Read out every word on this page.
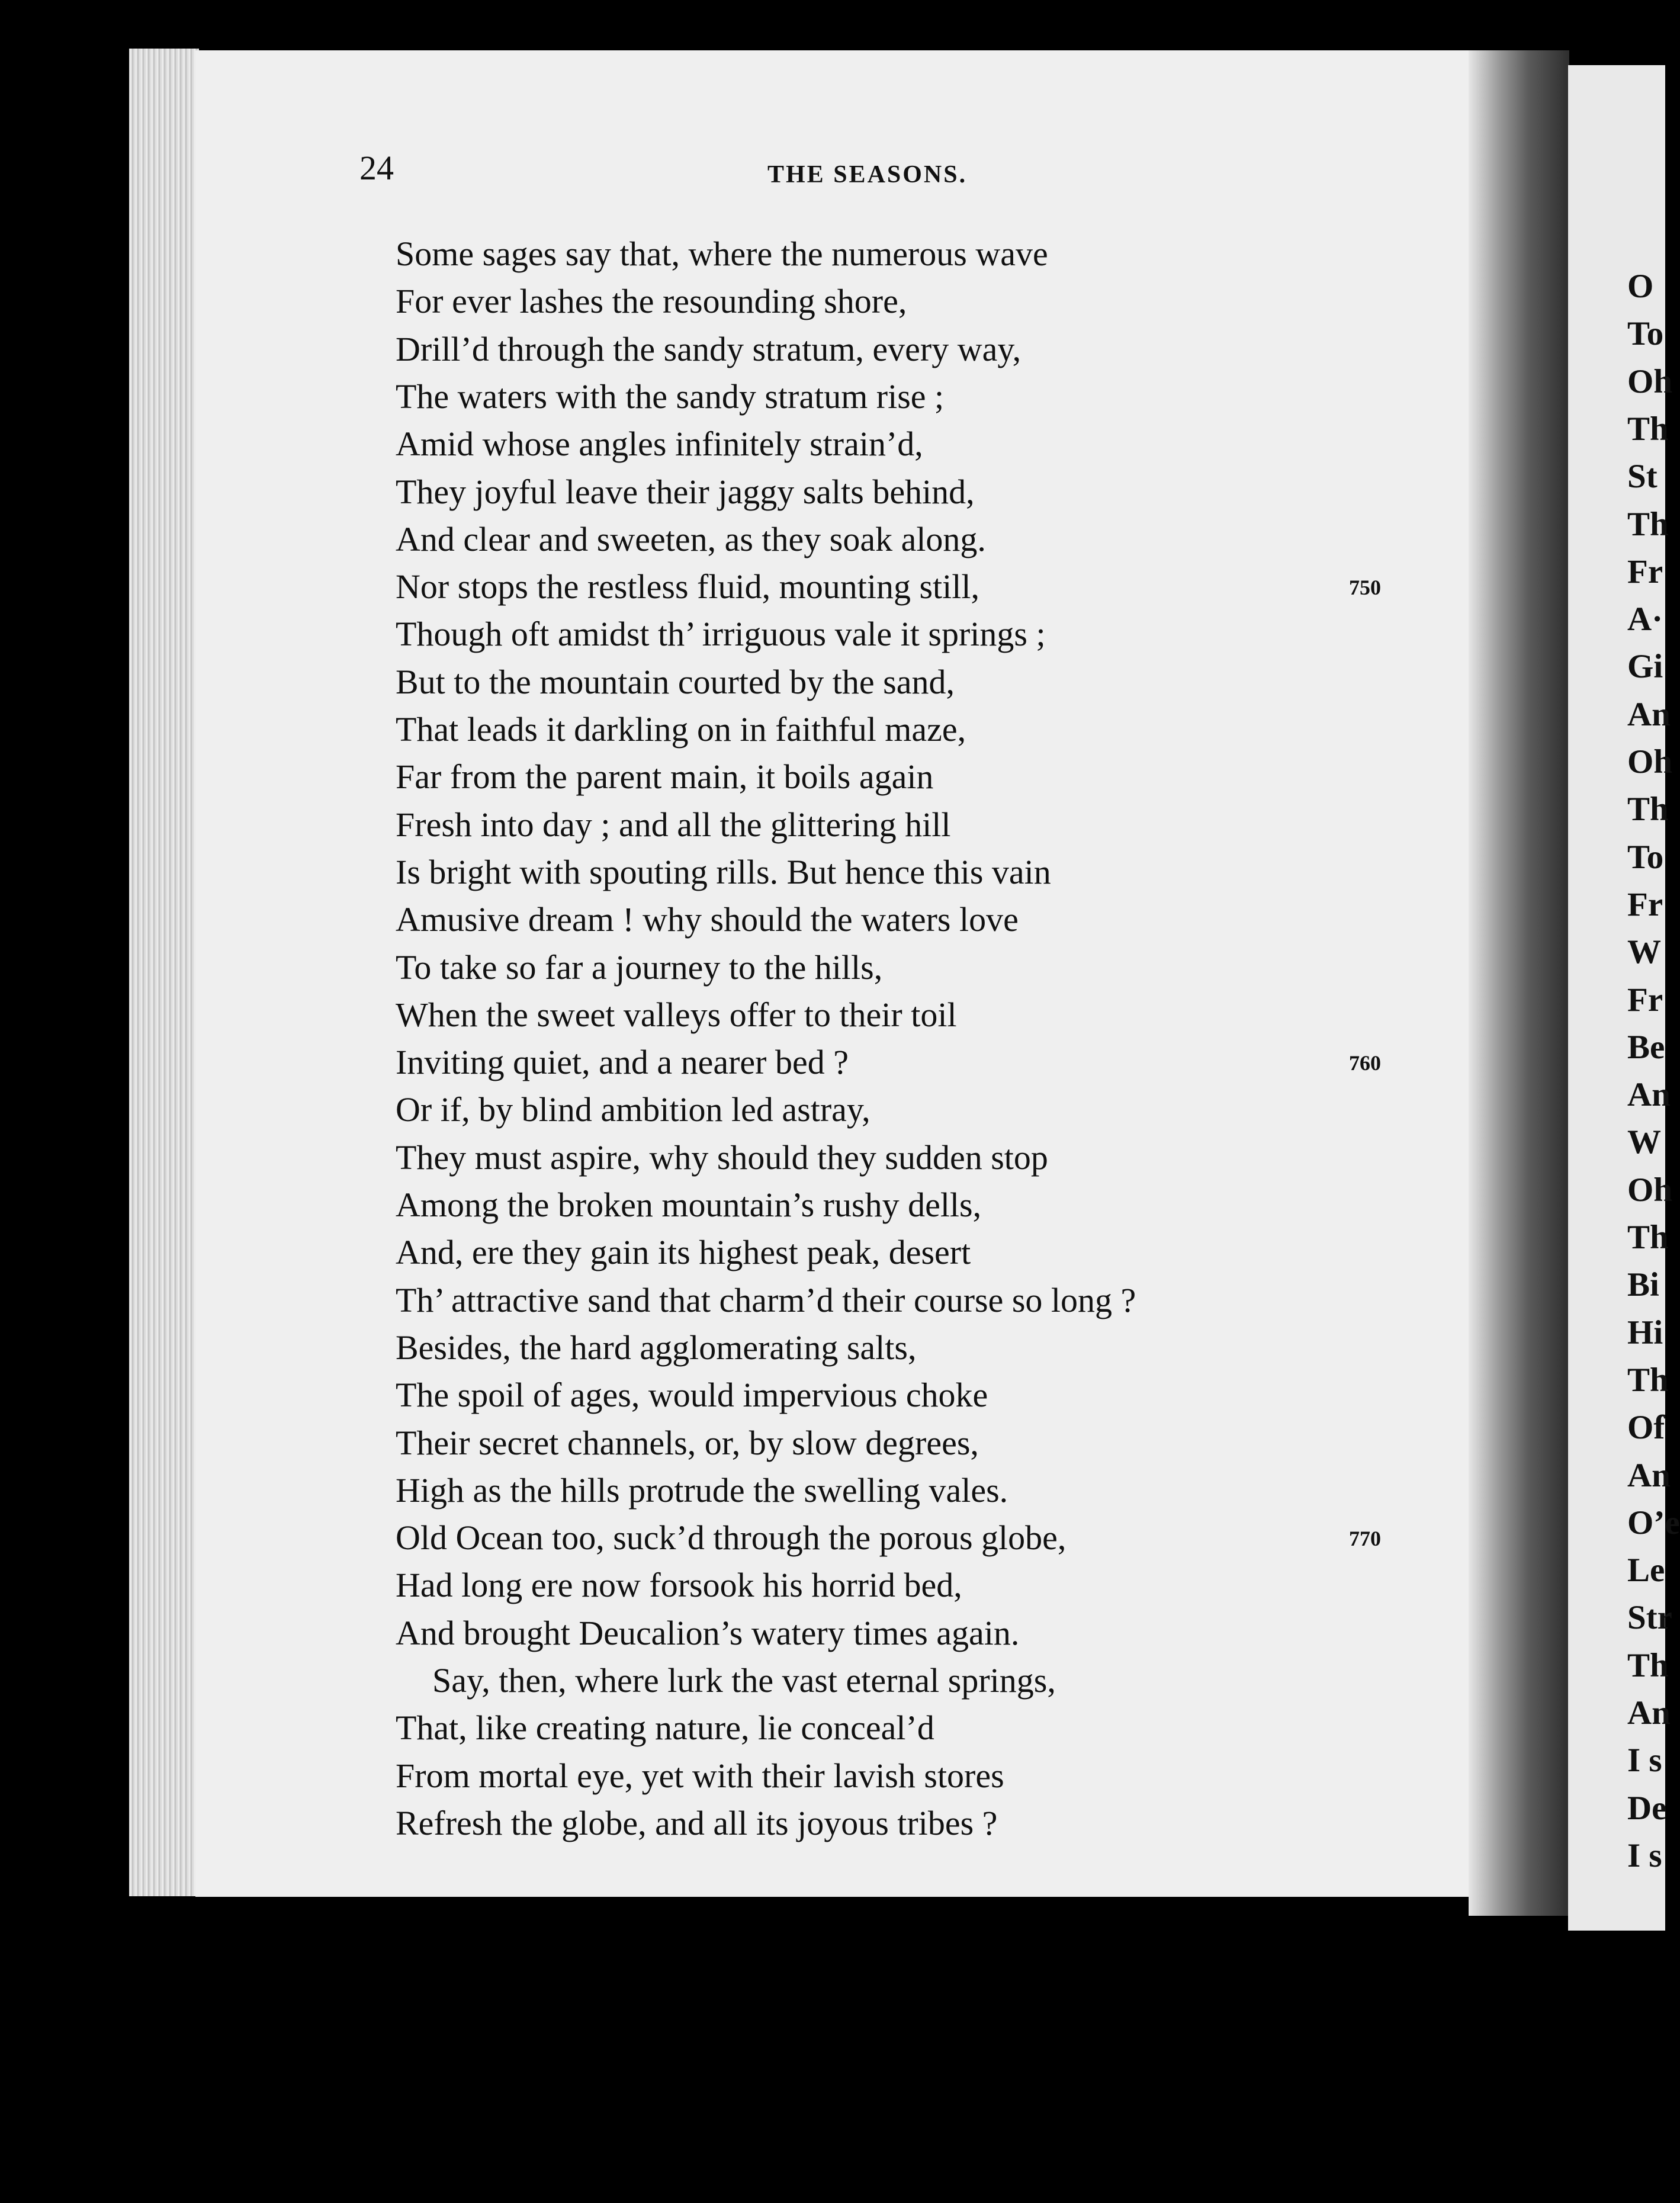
O
To
Oh
Th
St
Th
Fr
A·
Gi
An
Oh
Th
To
Fr
W
Fr
Be
An
W
Oh
Th
Bi
Hi
Th
Of
An
O’e
Le
Str
Th
An
I s
De
I s
24	THE SEASONS.
Some sages say that, where the numerous wave
For ever lashes the resounding shore,
Drill’d through the sandy stratum, every way,
The waters with the sandy stratum rise ;
Amid whose angles infinitely strain’d,
They joyful leave their jaggy salts behind,
And clear and sweeten, as they soak along.
Nor stops the restless fluid, mounting still,
Though oft amidst th’ irriguous vale it springs ;
But to the mountain courted by the sand,
That leads it darkling on in faithful maze,
Far from the parent main, it boils again
Fresh into day ; and all the glittering hill
Is bright with spouting rills. But hence this vain
Amusive dream ! why should the waters love
To take so far a journey to the hills,
When the sweet valleys offer to their toil
Inviting quiet, and a nearer bed ?
Or if, by blind ambition led astray,
They must aspire, why should they sudden stop
Among the broken mountain’s rushy dells,
And, ere they gain its highest peak, desert
Th’ attractive sand that charm’d their course so long ?
Besides, the hard agglomerating salts,
The spoil of ages, would impervious choke
Their secret channels, or, by slow degrees,
High as the hills protrude the swelling vales.
Old Ocean too, suck’d through the porous globe,
Had long ere now forsook his horrid bed,
And brought Deucalion’s watery times again.
Say, then, where lurk the vast eternal springs,
That, like creating nature, lie conceal’d
From mortal eye, yet with their lavish stores
Refresh the globe, and all its joyous tribes ?
750
760
770
